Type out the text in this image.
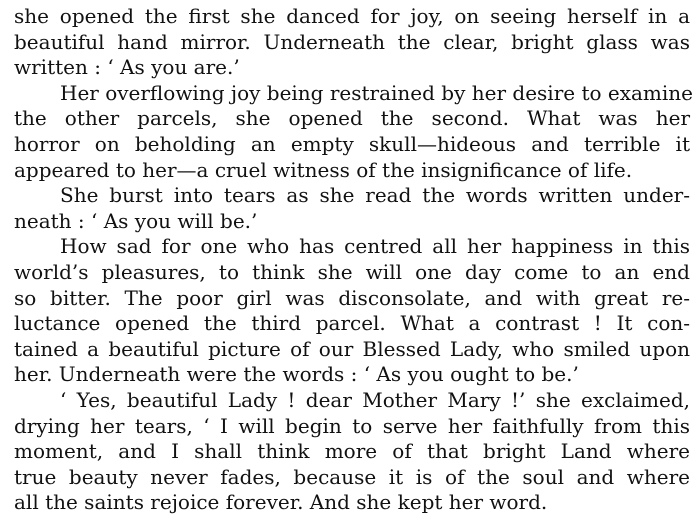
she opened the first she danced for joy, on seeing herself in a
beautiful hand mirror. Underneath the clear, bright glass was
written : ‘ As you are.’

Her overflowing joy being restrained by her desire to examine
the other parcels, she opened the second. What was her
horror on beholding an empty skull—hideous and terrible it
appeared to her—a cruel witness of the insignificance of life.

She burst into tears as she read the words written under-
neath : ‘ As you will be.’

How sad for one who has centred all her happiness in this
world’s pleasures, to think she will one day come to an end
so bitter. The poor girl was disconsolate, and with great re-
luctance opened the third parcel. What a contrast ! It con-
tained a beautiful picture of our Blessed Lady, who smiled upon
her. Underneath were the words : ‘ As you ought to be.’

‘ Yes, beautiful Lady ! dear Mother Mary !’ she exclaimed,
drying her tears, ‘ I will begin to serve her faithfully from this
moment, and I shall think more of that bright Land where
true beauty never fades, because it is of the soul and where
all the saints rejoice forever. And she kept her word.
